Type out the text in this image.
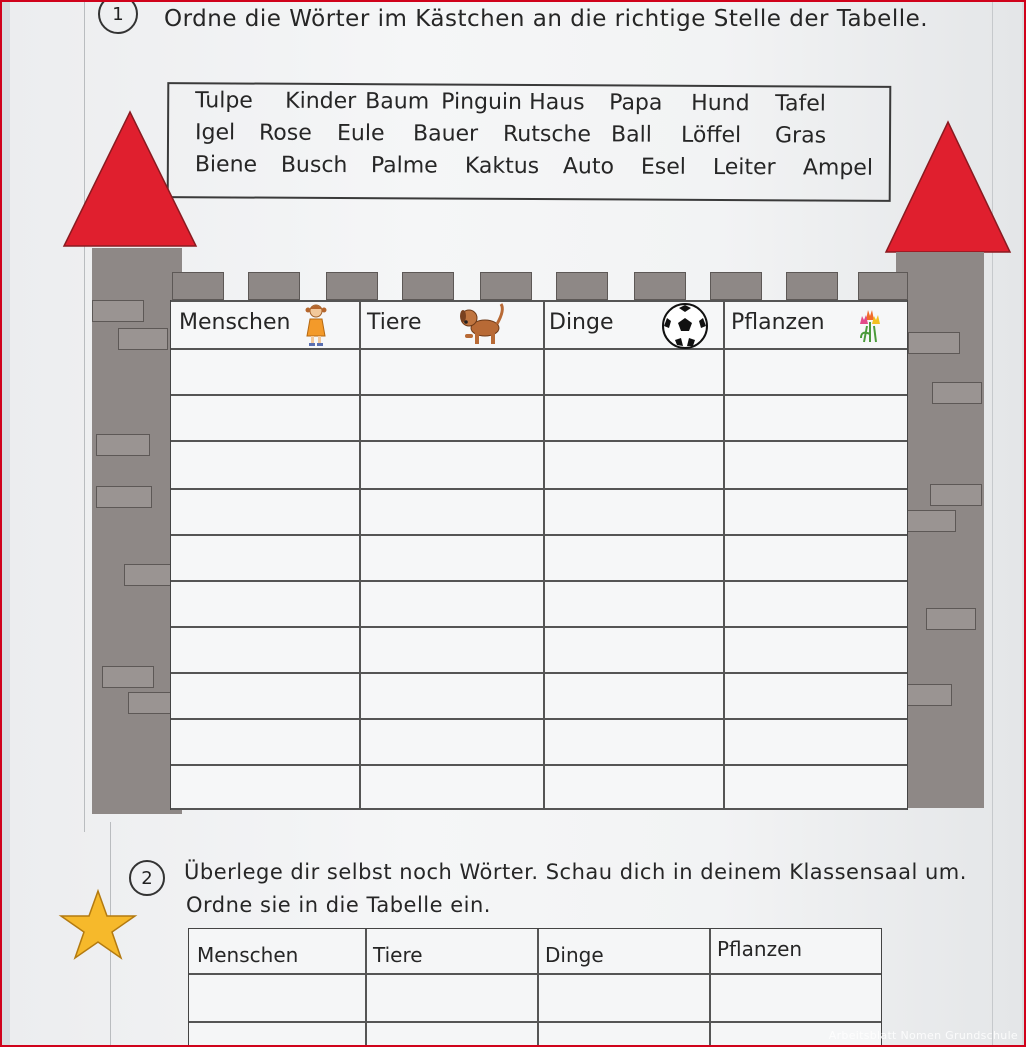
1	Ordne die Wörter im Kästchen an die richtige Stelle der Tabelle.
Tulpe Kinder Baum Pinguin Haus Papa Hund Tafel
Igel Rose Eule Bauer Rutsche Ball Löffel Gras
Biene Busch Palme Kaktus Auto Esel Leiter Ampel
Menschen	Tiere	Dinge	Pflanzen
2	Überlege dir selbst noch Wörter. Schau dich in deinem Klassensaal um.
Ordne sie in die Tabelle ein.
Menschen	Tiere	Dinge	Pflanzen
Arbeitsblatt Nomen Grundschule
